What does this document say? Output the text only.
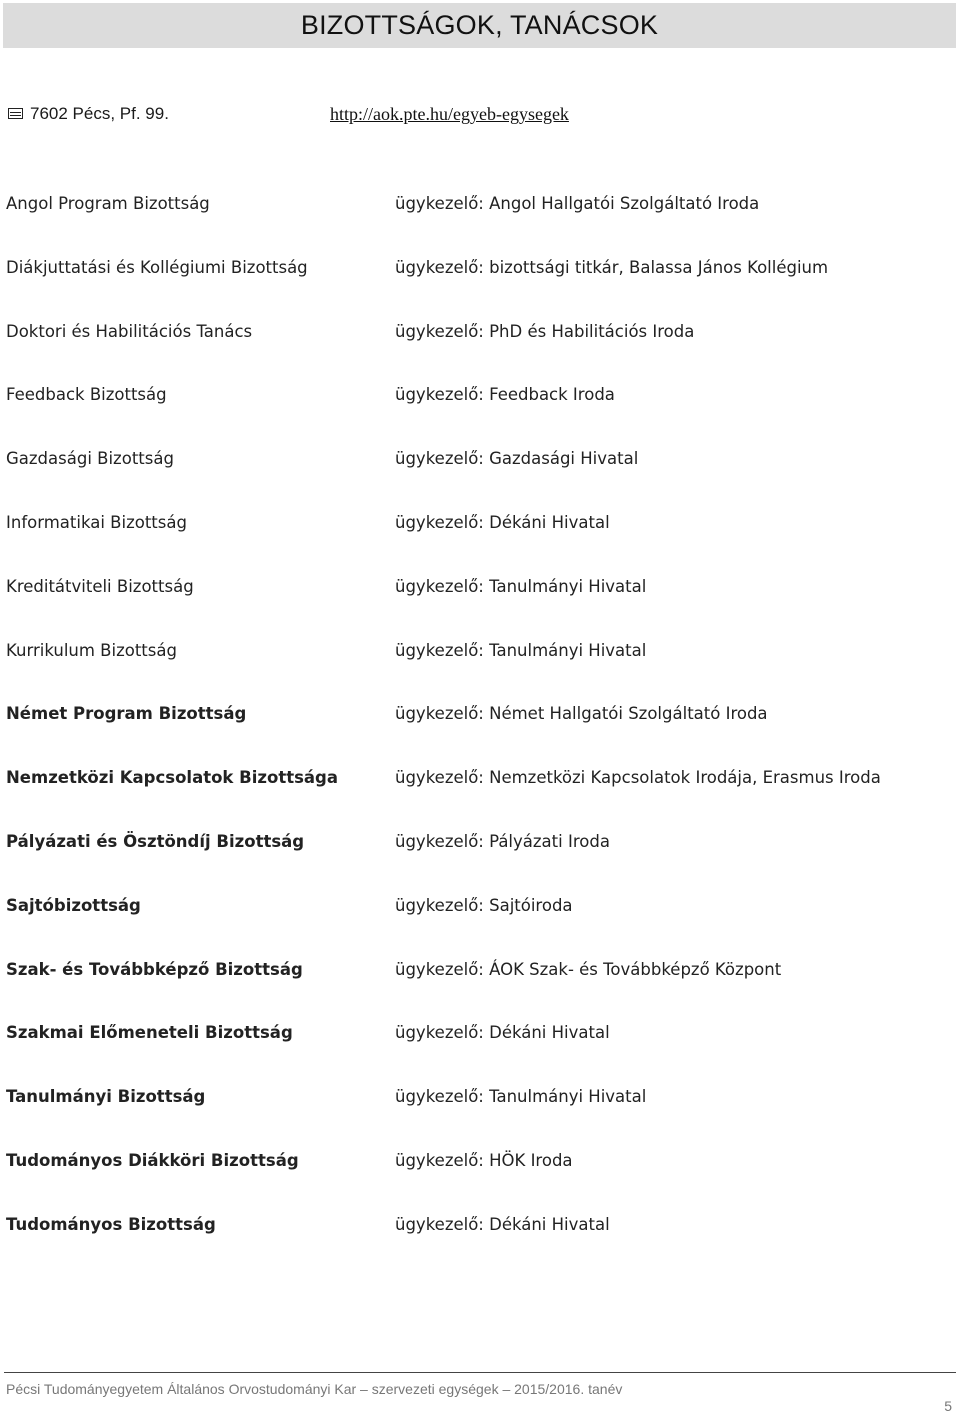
BIZOTTSÁGOK, TANÁCSOK
7602 Pécs, Pf. 99.	http://aok.pte.hu/egyeb-egysegek
Angol Program Bizottság	ügykezelő: Angol Hallgatói Szolgáltató Iroda
Diákjuttatási és Kollégiumi Bizottság	ügykezelő: bizottsági titkár, Balassa János Kollégium
Doktori és Habilitációs Tanács	ügykezelő: PhD és Habilitációs Iroda
Feedback Bizottság	ügykezelő: Feedback Iroda
Gazdasági Bizottság	ügykezelő: Gazdasági Hivatal
Informatikai Bizottság	ügykezelő: Dékáni Hivatal
Kreditátviteli Bizottság	ügykezelő: Tanulmányi Hivatal
Kurrikulum Bizottság	ügykezelő: Tanulmányi Hivatal
Német Program Bizottság	ügykezelő: Német Hallgatói Szolgáltató Iroda
Nemzetközi Kapcsolatok Bizottsága	ügykezelő: Nemzetközi Kapcsolatok Irodája, Erasmus Iroda
Pályázati és Ösztöndíj Bizottság	ügykezelő: Pályázati Iroda
Sajtóbizottság	ügykezelő: Sajtóiroda
Szak- és Továbbképző Bizottság	ügykezelő: ÁOK Szak- és Továbbképző Központ
Szakmai Előmeneteli Bizottság	ügykezelő: Dékáni Hivatal
Tanulmányi Bizottság	ügykezelő: Tanulmányi Hivatal
Tudományos Diákköri Bizottság	ügykezelő: HÖK Iroda
Tudományos Bizottság	ügykezelő: Dékáni Hivatal
Pécsi Tudományegyetem Általános Orvostudományi Kar – szervezeti egységek – 2015/2016. tanév
5
